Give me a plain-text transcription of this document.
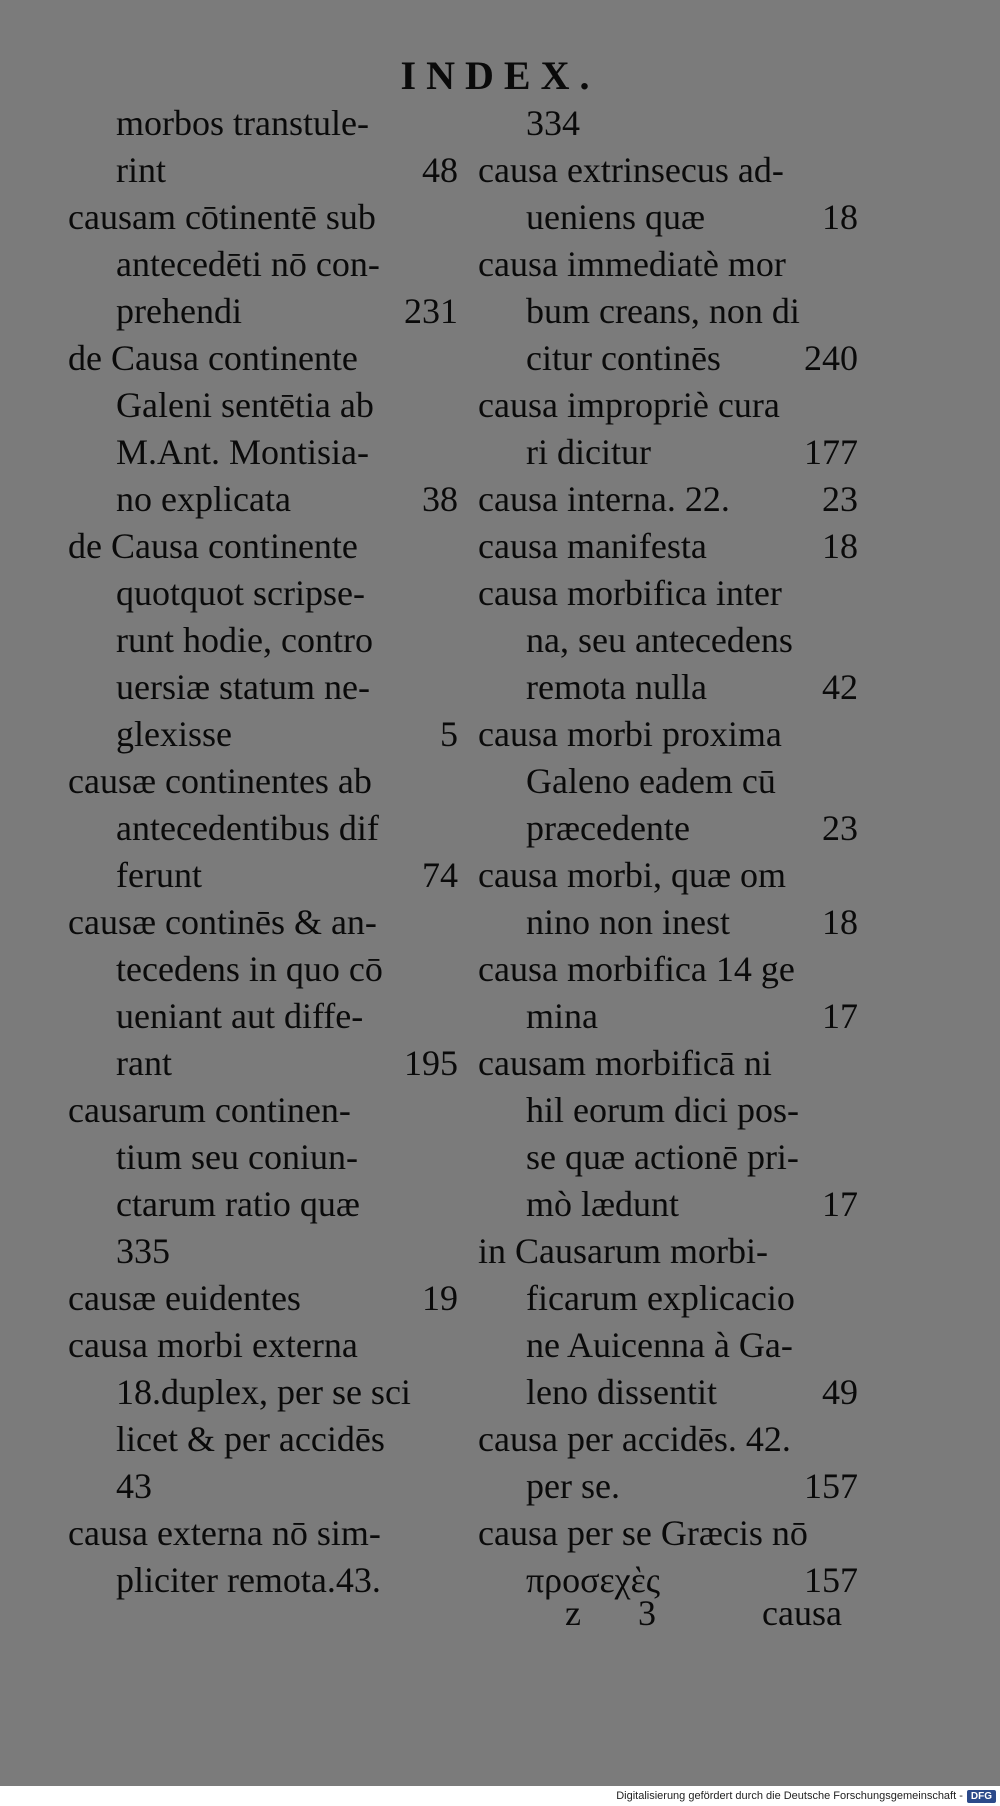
INDEX.
morbos transtule-
rint	48
causam cōtinentē sub
antecedēti nō con-
prehendi	231
de Causa continente
Galeni sentētia ab
M.Ant. Montisia-
no explicata	38
de Causa continente
quotquot scripse-
runt hodie, contro
uersiæ statum ne-
glexisse	5
causæ continentes ab
antecedentibus dif
ferunt	74
causæ continēs & an-
tecedens in quo cō
ueniant aut diffe-
rant	195
causarum continen-
tium seu coniun-
ctarum ratio quæ
335
causæ euidentes	19
causa morbi externa
18.duplex, per se sci
licet & per accidēs
43
causa externa nō sim-
pliciter remota.43.
334
causa extrinsecus ad-
ueniens quæ	18
causa immediatè mor
bum creans, non di
citur continēs 240
causa impropriè cura
ri dicitur	177
causa interna. 22.	23
causa manifesta	18
causa morbifica inter
na, seu antecedens
remota nulla	42
causa morbi proxima
Galeno eadem cū
præcedente	23
causa morbi, quæ om
nino non inest	18
causa morbifica 14 ge
mina	17
causam morbificā ni
hil eorum dici pos-
se quæ actionē pri-
mò lædunt	17
in Causarum morbi-
ficarum explicacio
ne Auicenna à Ga-
leno dissentit	49
causa per accidēs. 42.
per se.	157
causa per se Græcis nō
προσεχὲς	157
z 3 causa
Digitalisierung gefördert durch die Deutsche Forschungsgemeinschaft - DFG
